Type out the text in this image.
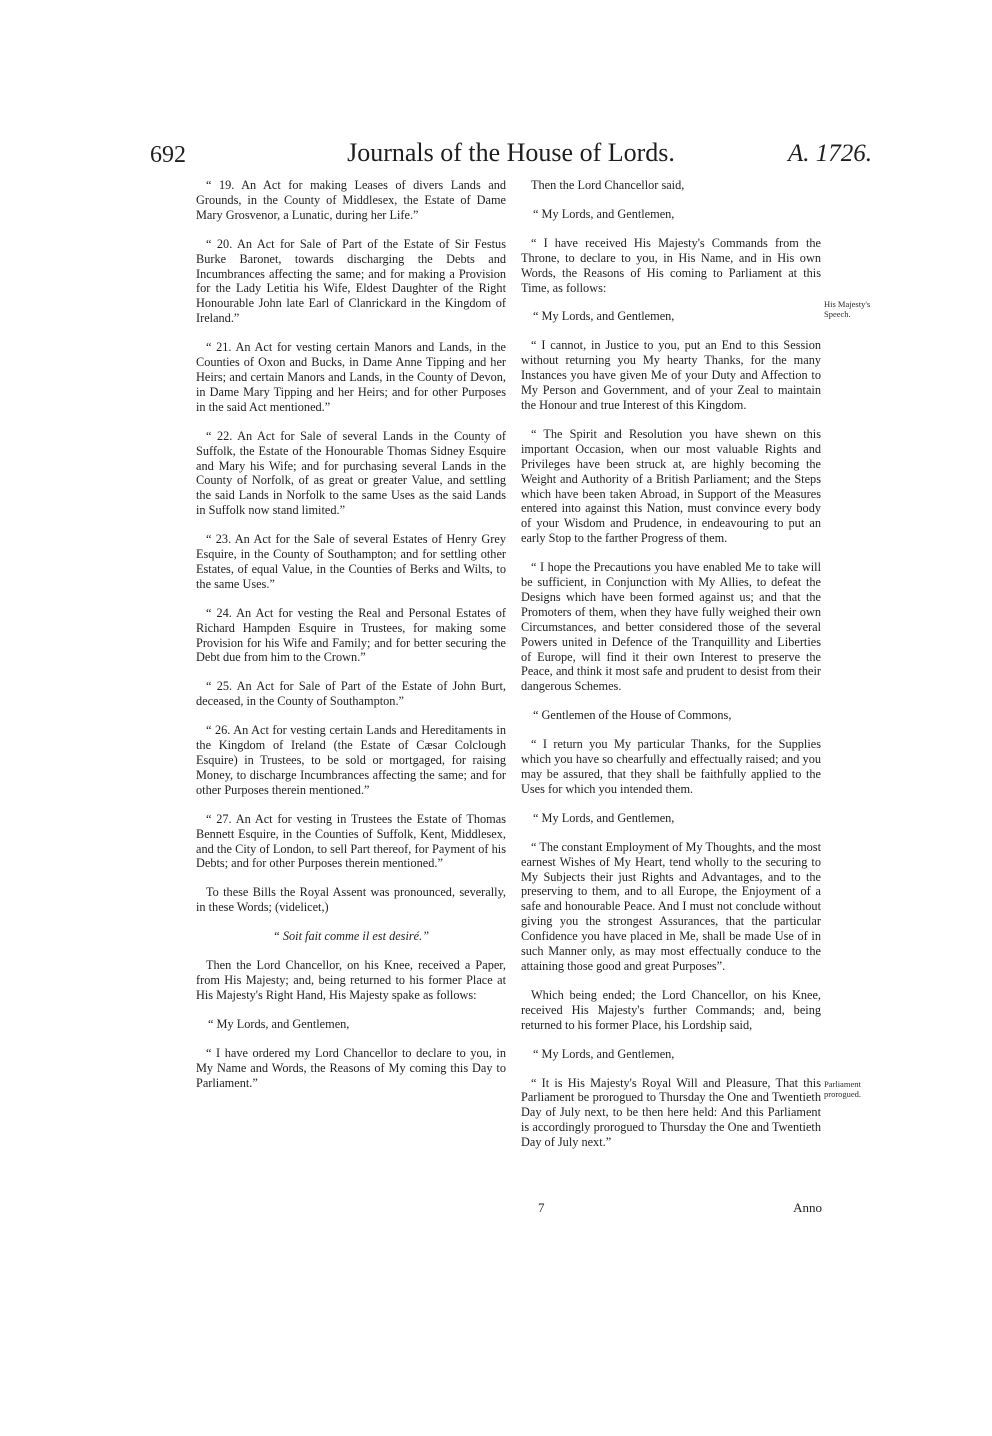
692	Journals of the House of Lords.	A. 1726.

“ 19. An Act for making Leases of divers Lands and Grounds, in the County of Middlesex, the Estate of Dame Mary Grosvenor, a Lunatic, during her Life.”

“ 20. An Act for Sale of Part of the Estate of Sir Festus Burke Baronet, towards discharging the Debts and Incumbrances affecting the same; and for making a Provision for the Lady Letitia his Wife, Eldest Daughter of the Right Honourable John late Earl of Clanrickard in the Kingdom of Ireland.”

“ 21. An Act for vesting certain Manors and Lands, in the Counties of Oxon and Bucks, in Dame Anne Tipping and her Heirs; and certain Manors and Lands, in the County of Devon, in Dame Mary Tipping and her Heirs; and for other Purposes in the said Act mentioned.”

“ 22. An Act for Sale of several Lands in the County of Suffolk, the Estate of the Honourable Thomas Sidney Esquire and Mary his Wife; and for purchasing several Lands in the County of Norfolk, of as great or greater Value, and settling the said Lands in Norfolk to the same Uses as the said Lands in Suffolk now stand limited.”

“ 23. An Act for the Sale of several Estates of Henry Grey Esquire, in the County of Southampton; and for settling other Estates, of equal Value, in the Counties of Berks and Wilts, to the same Uses.”

“ 24. An Act for vesting the Real and Personal Estates of Richard Hampden Esquire in Trustees, for making some Provision for his Wife and Family; and for better securing the Debt due from him to the Crown.”

“ 25. An Act for Sale of Part of the Estate of John Burt, deceased, in the County of Southampton.”

“ 26. An Act for vesting certain Lands and Hereditaments in the Kingdom of Ireland (the Estate of Cæsar Colclough Esquire) in Trustees, to be sold or mortgaged, for raising Money, to discharge Incumbrances affecting the same; and for other Purposes therein mentioned.”

“ 27. An Act for vesting in Trustees the Estate of Thomas Bennett Esquire, in the Counties of Suffolk, Kent, Middlesex, and the City of London, to sell Part thereof, for Payment of his Debts; and for other Purposes therein mentioned.”

To these Bills the Royal Assent was pronounced, severally, in these Words; (videlicet,)

“ Soit fait comme il est desiré.”

Then the Lord Chancellor, on his Knee, received a Paper, from His Majesty; and, being returned to his former Place at His Majesty's Right Hand, His Majesty spake as follows:

“ My Lords, and Gentlemen,

“ I have ordered my Lord Chancellor to declare to you, in My Name and Words, the Reasons of My coming this Day to Parliament.”

Then the Lord Chancellor said,

“ My Lords, and Gentlemen,

“ I have received His Majesty's Commands from the Throne, to declare to you, in His Name, and in His own Words, the Reasons of His coming to Parliament at this Time, as follows:

“ My Lords, and Gentlemen,

“ I cannot, in Justice to you, put an End to this Session without returning you My hearty Thanks, for the many Instances you have given Me of your Duty and Affection to My Person and Government, and of your Zeal to maintain the Honour and true Interest of this Kingdom.

“ The Spirit and Resolution you have shewn on this important Occasion, when our most valuable Rights and Privileges have been struck at, are highly becoming the Weight and Authority of a British Parliament; and the Steps which have been taken Abroad, in Support of the Measures entered into against this Nation, must convince every body of your Wisdom and Prudence, in endeavouring to put an early Stop to the farther Progress of them.

“ I hope the Precautions you have enabled Me to take will be sufficient, in Conjunction with My Allies, to defeat the Designs which have been formed against us; and that the Promoters of them, when they have fully weighed their own Circumstances, and better considered those of the several Powers united in Defence of the Tranquillity and Liberties of Europe, will find it their own Interest to preserve the Peace, and think it most safe and prudent to desist from their dangerous Schemes.

“ Gentlemen of the House of Commons,

“ I return you My particular Thanks, for the Supplies which you have so chearfully and effectually raised; and you may be assured, that they shall be faithfully applied to the Uses for which you intended them.

“ My Lords, and Gentlemen,

“ The constant Employment of My Thoughts, and the most earnest Wishes of My Heart, tend wholly to the securing to My Subjects their just Rights and Advantages, and to the preserving to them, and to all Europe, the Enjoyment of a safe and honourable Peace. And I must not conclude without giving you the strongest Assurances, that the particular Confidence you have placed in Me, shall be made Use of in such Manner only, as may most effectually conduce to the attaining those good and great Purposes”.

Which being ended; the Lord Chancellor, on his Knee, received His Majesty's further Commands; and, being returned to his former Place, his Lordship said,

“ My Lords, and Gentlemen,

“ It is His Majesty's Royal Will and Pleasure, That this Parliament be prorogued to Thursday the One and Twentieth Day of July next, to be then here held: And this Parliament is accordingly prorogued to Thursday the One and Twentieth Day of July next.”

His Majesty's Speech.
Parliament prorogued.
7	Anno
